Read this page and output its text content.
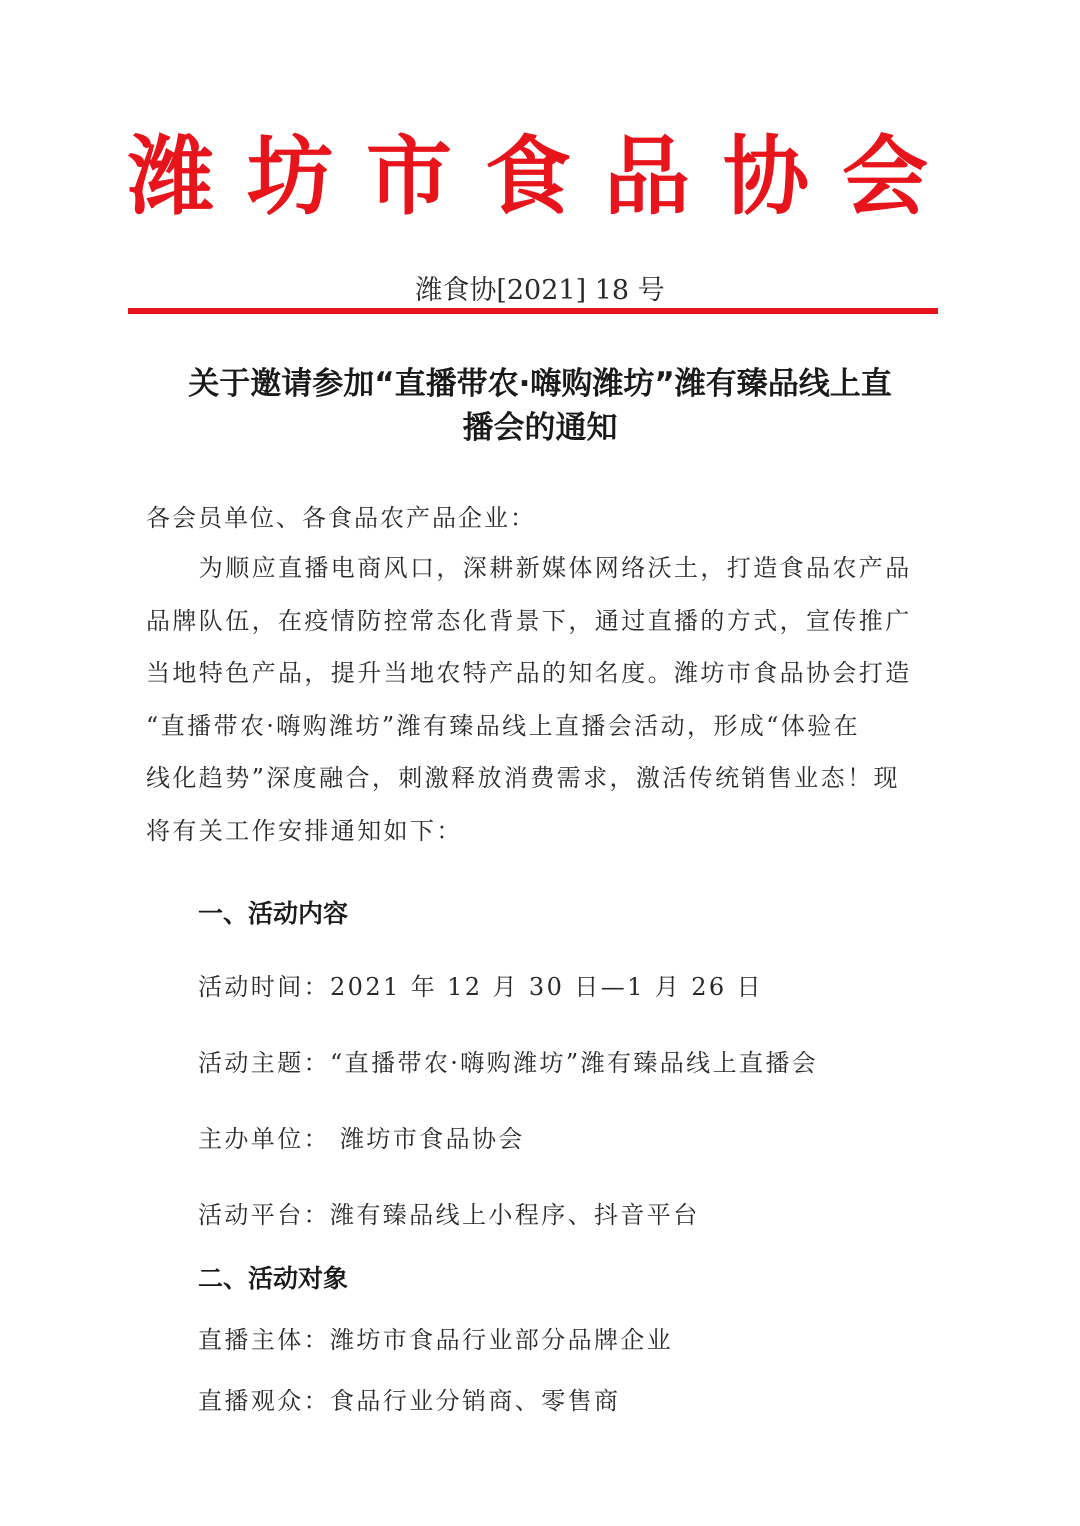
潍 坊 市 食 品 协 会
潍食协[2021] 18 号
关于邀请参加“直播带农·嗨购潍坊”潍有臻品线上直
播会的通知
各会员单位、各食品农产品企业：
　　为顺应直播电商风口，深耕新媒体网络沃土，打造食品农产品
品牌队伍，在疫情防控常态化背景下，通过直播的方式，宣传推广
当地特色产品，提升当地农特产品的知名度。潍坊市食品协会打造
“直播带农·嗨购潍坊”潍有臻品线上直播会活动，形成“体验在
线化趋势”深度融合，刺激释放消费需求，激活传统销售业态！现
将有关工作安排通知如下：
一、活动内容
活动时间：2021 年 12 月 30 日—1 月 26 日
活动主题：“直播带农·嗨购潍坊”潍有臻品线上直播会
主办单位： 潍坊市食品协会
活动平台：潍有臻品线上小程序、抖音平台
二、活动对象
直播主体：潍坊市食品行业部分品牌企业
直播观众：食品行业分销商、零售商
